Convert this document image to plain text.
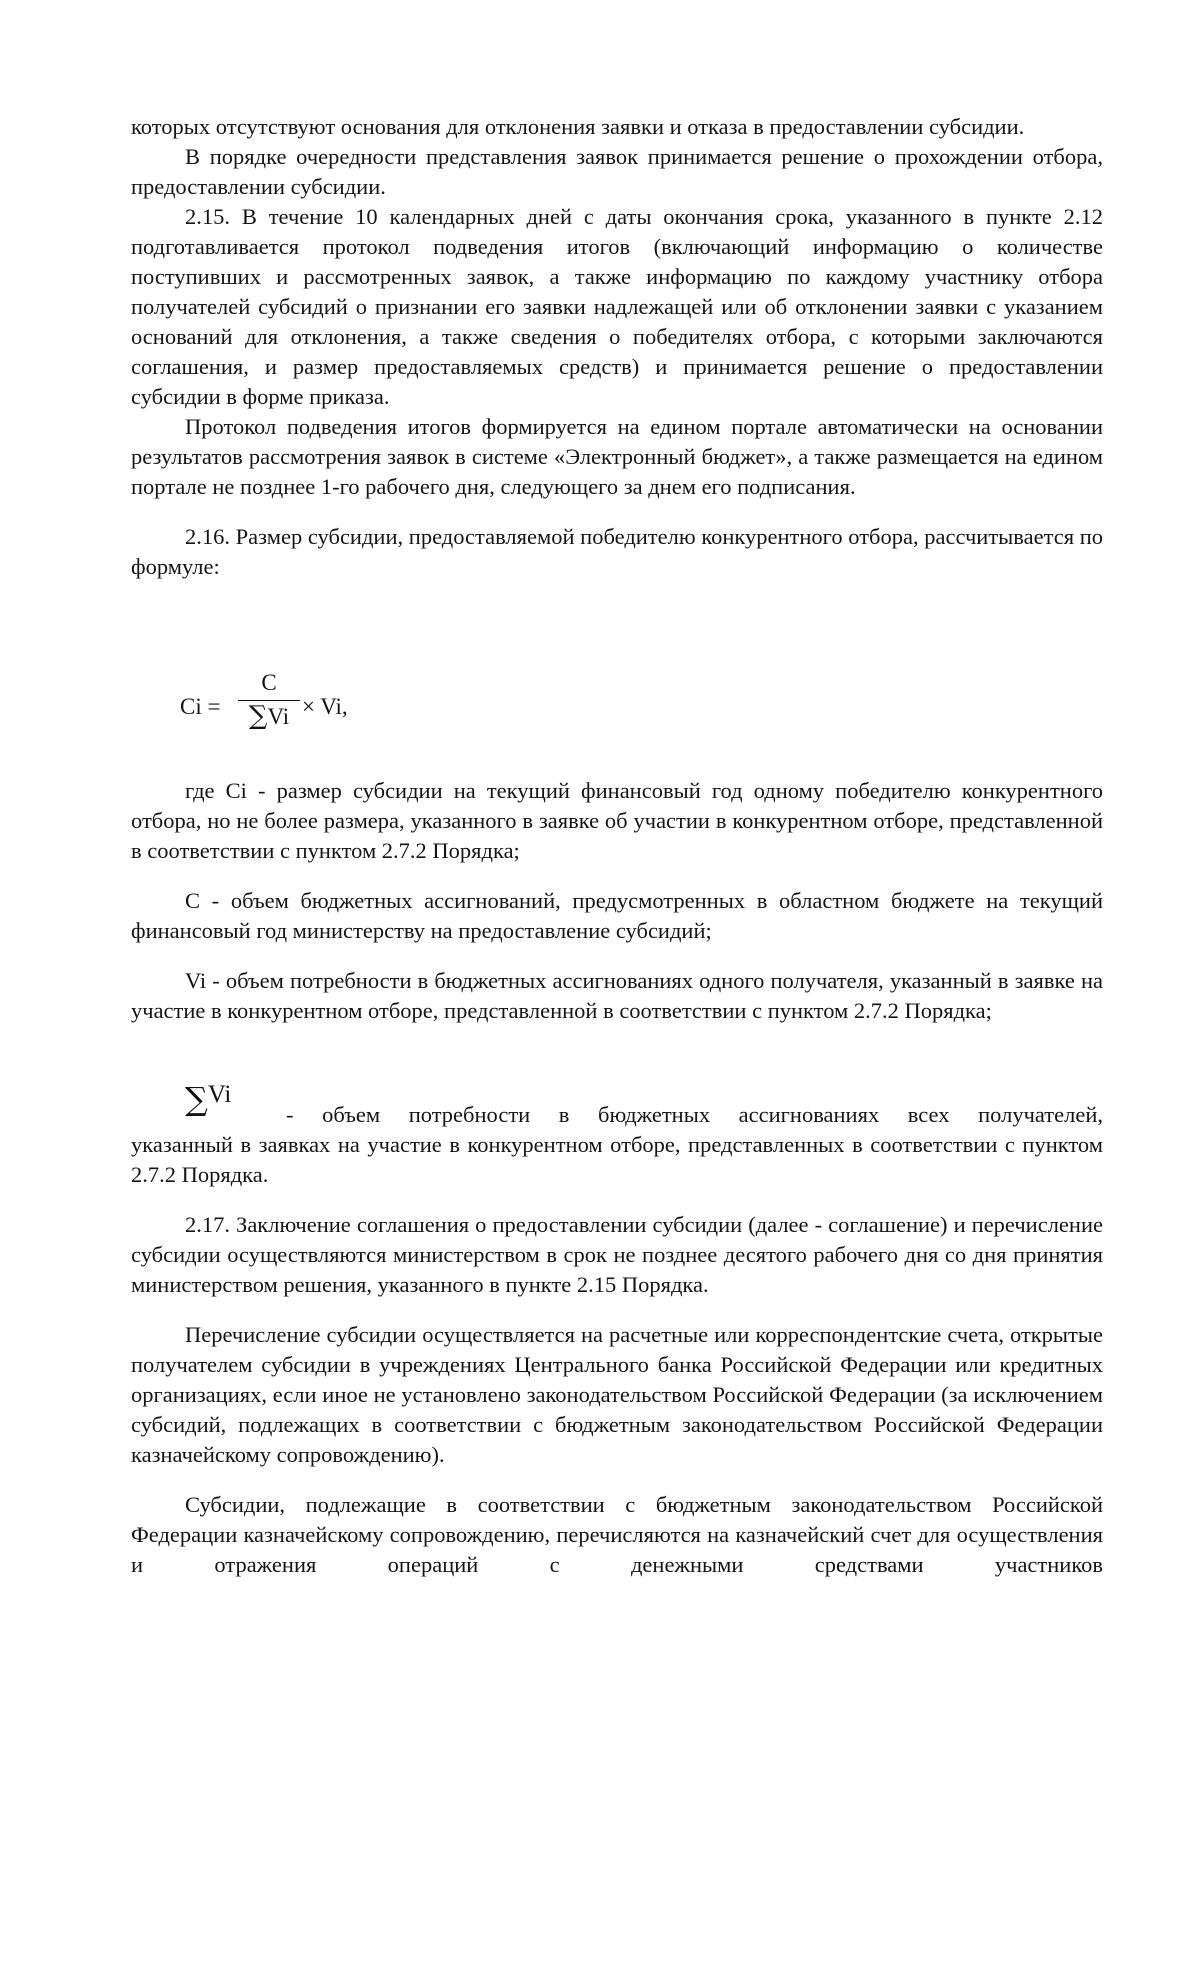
которых отсутствуют основания для отклонения заявки и отказа в предоставлении субсидии.

В порядке очередности представления заявок принимается решение о прохождении отбора, предоставлении субсидии.

2.15. В течение 10 календарных дней с даты окончания срока, указанного в пункте 2.12 подготавливается протокол подведения итогов (включающий информацию о количестве поступивших и рассмотренных заявок, а также информацию по каждому участнику отбора получателей субсидий о признании его заявки надлежащей или об отклонении заявки с указанием оснований для отклонения, а также сведения о победителях отбора, с которыми заключаются соглашения, и размер предоставляемых средств) и принимается решение о предоставлении субсидии в форме приказа.

Протокол подведения итогов формируется на едином портале автоматически на основании результатов рассмотрения заявок в системе «Электронный бюджет», а также размещается на едином портале не позднее 1-го рабочего дня, следующего за днем его подписания.

2.16. Размер субсидии, предоставляемой победителю конкурентного отбора, рассчитывается по формуле:

Ci =
C
∑Vi × Vi,

где Ci - размер субсидии на текущий финансовый год одному победителю конкурентного отбора, но не более размера, указанного в заявке об участии в конкурентном отборе, представленной в соответствии с пунктом 2.7.2 Порядка;

C - объем бюджетных ассигнований, предусмотренных в областном бюджете на текущий финансовый год министерству на предоставление субсидий;

Vi - объем потребности в бюджетных ассигнованиях одного получателя, указанный в заявке на участие в конкурентном отборе, представленной в соответствии с пунктом 2.7.2 Порядка;

∑Vi

- объем потребности в бюджетных ассигнованиях всех получателей,

указанный в заявках на участие в конкурентном отборе, представленных в соответствии с пунктом 2.7.2 Порядка.

2.17. Заключение соглашения о предоставлении субсидии (далее - соглашение) и перечисление субсидии осуществляются министерством в срок не позднее десятого рабочего дня со дня принятия министерством решения, указанного в пункте 2.15 Порядка.

Перечисление субсидии осуществляется на расчетные или корреспондентские счета, открытые получателем субсидии в учреждениях Центрального банка Российской Федерации или кредитных организациях, если иное не установлено законодательством Российской Федерации (за исключением субсидий, подлежащих в соответствии с бюджетным законодательством Российской Федерации казначейскому сопровождению).

Субсидии, подлежащие в соответствии с бюджетным законодательством Российской Федерации казначейскому сопровождению, перечисляются на казначейский счет для осуществления и отражения операций с денежными средствами участников
